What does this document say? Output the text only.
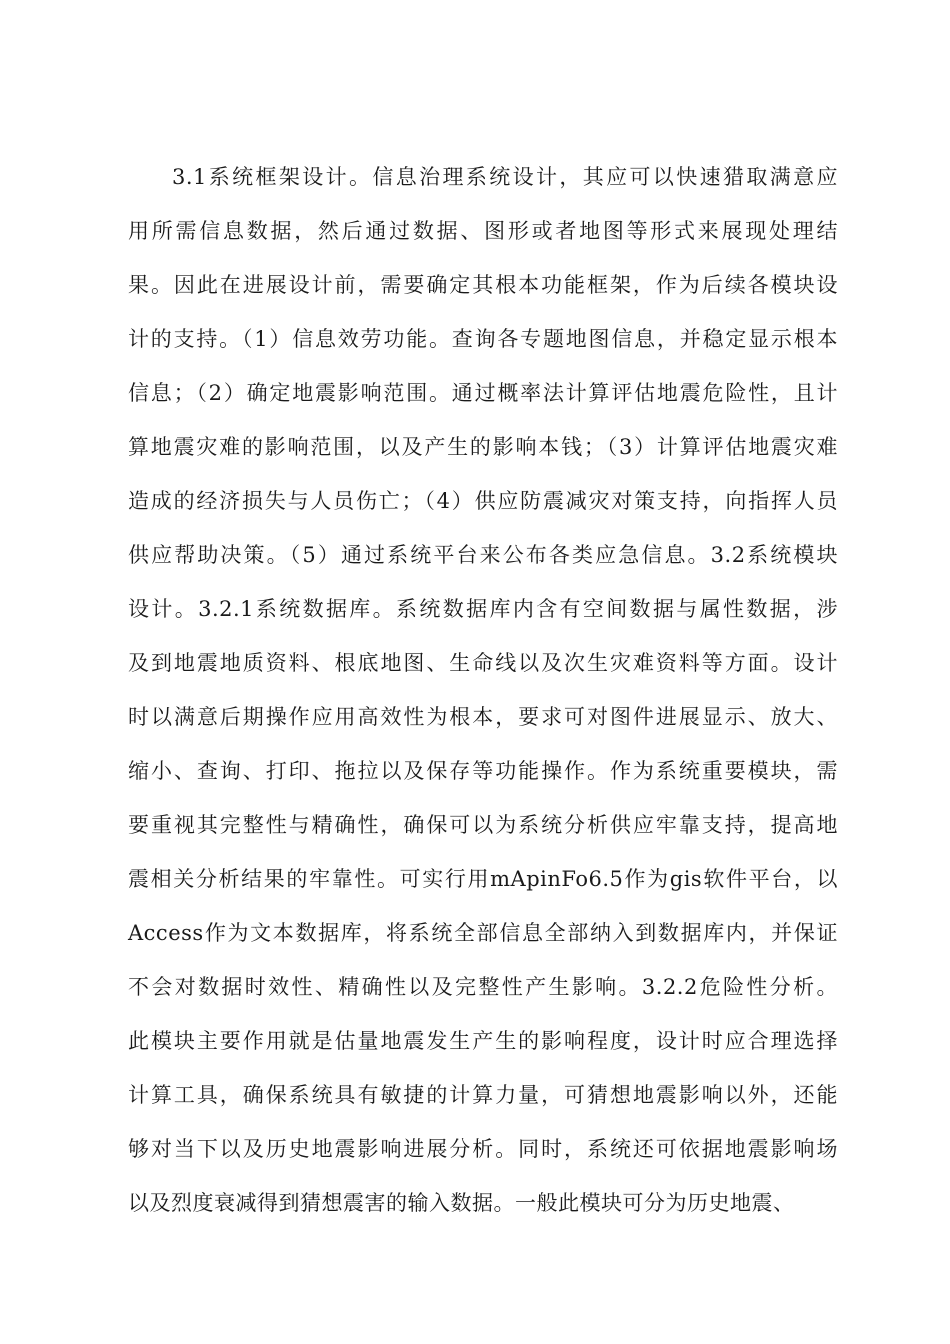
3.1系统框架设计。信息治理系统设计，其应可以快速猎取满意应
用所需信息数据，然后通过数据、图形或者地图等形式来展现处理结
果。因此在进展设计前，需要确定其根本功能框架，作为后续各模块设
计的支持。（1）信息效劳功能。查询各专题地图信息，并稳定显示根本
信息；（2）确定地震影响范围。通过概率法计算评估地震危险性，且计
算地震灾难的影响范围，以及产生的影响本钱；（3）计算评估地震灾难
造成的经济损失与人员伤亡；（4）供应防震减灾对策支持，向指挥人员
供应帮助决策。（5）通过系统平台来公布各类应急信息。3.2系统模块
设计。3.2.1系统数据库。系统数据库内含有空间数据与属性数据，涉
及到地震地质资料、根底地图、生命线以及次生灾难资料等方面。设计
时以满意后期操作应用高效性为根本，要求可对图件进展显示、放大、
缩小、查询、打印、拖拉以及保存等功能操作。作为系统重要模块，需
要重视其完整性与精确性，确保可以为系统分析供应牢靠支持，提高地
震相关分析结果的牢靠性。可实行用mApinFo6.5作为gis软件平台，以
Access作为文本数据库，将系统全部信息全部纳入到数据库内，并保证
不会对数据时效性、精确性以及完整性产生影响。3.2.2危险性分析。
此模块主要作用就是估量地震发生产生的影响程度，设计时应合理选择
计算工具，确保系统具有敏捷的计算力量，可猜想地震影响以外，还能
够对当下以及历史地震影响进展分析。同时，系统还可依据地震影响场
以及烈度衰减得到猜想震害的输入数据。一般此模块可分为历史地震、
